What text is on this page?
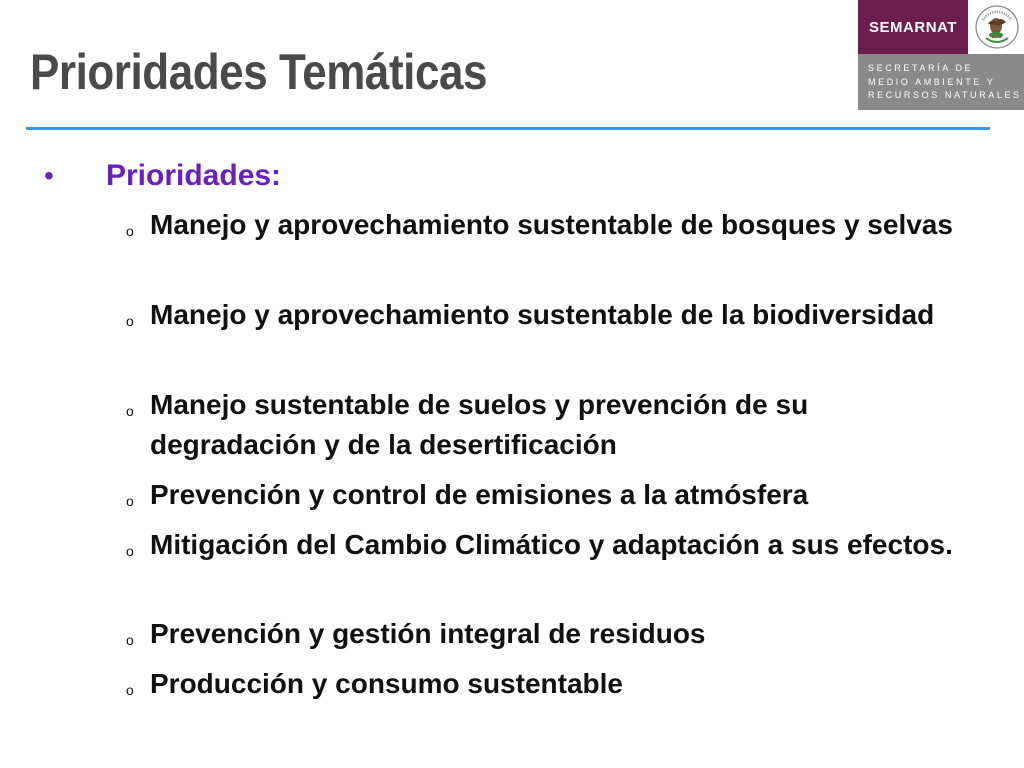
Prioridades Temáticas
SEMARNAT
SECRETARÍA DE
MEDIO AMBIENTE Y
RECURSOS NATURALES
• Prioridades:
o Manejo y aprovechamiento sustentable de bosques y selvas
o Manejo y aprovechamiento sustentable de la biodiversidad
o Manejo sustentable de suelos y prevención de su degradación y de la desertificación
o Prevención y control de emisiones a la atmósfera
o Mitigación del Cambio Climático y adaptación a sus efectos.
o Prevención y gestión integral de residuos
o Producción y consumo sustentable
